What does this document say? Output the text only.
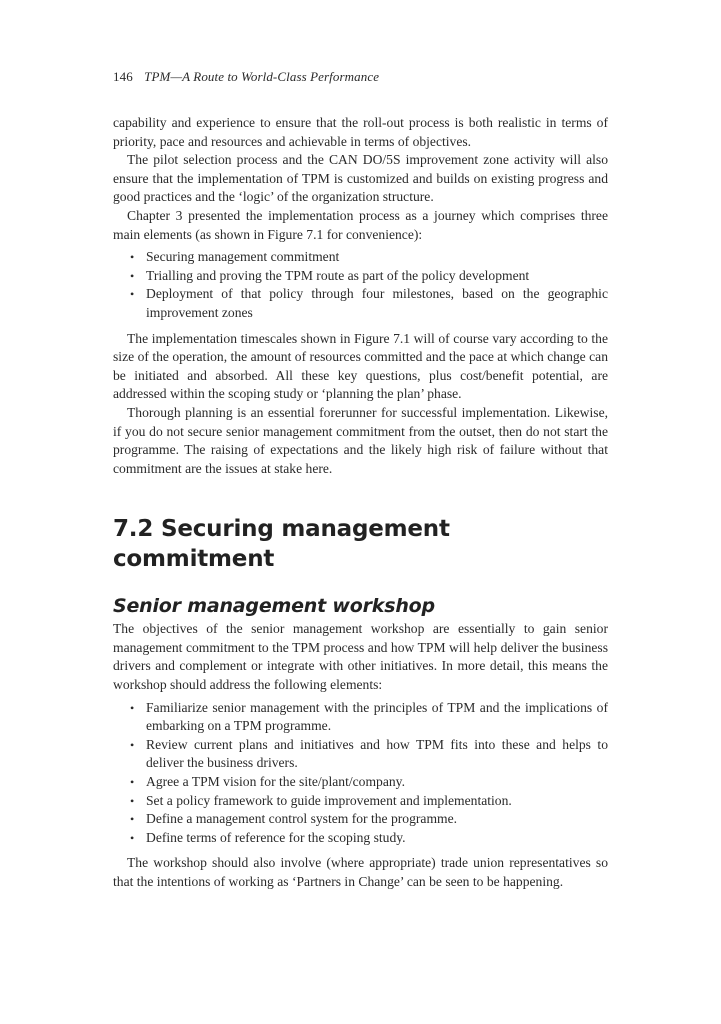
146 TPM—A Route to World-Class Performance

capability and experience to ensure that the roll-out process is both realistic in terms of priority, pace and resources and achievable in terms of objectives.

The pilot selection process and the CAN DO/5S improvement zone activity will also ensure that the implementation of TPM is customized and builds on existing progress and good practices and the ‘logic’ of the organization structure.

Chapter 3 presented the implementation process as a journey which comprises three main elements (as shown in Figure 7.1 for convenience):

• Securing management commitment
• Trialling and proving the TPM route as part of the policy development
• Deployment of that policy through four milestones, based on the geographic improvement zones

The implementation timescales shown in Figure 7.1 will of course vary according to the size of the operation, the amount of resources committed and the pace at which change can be initiated and absorbed. All these key questions, plus cost/benefit potential, are addressed within the scoping study or ‘planning the plan’ phase.

Thorough planning is an essential forerunner for successful implementation. Likewise, if you do not secure senior management commitment from the outset, then do not start the programme. The raising of expectations and the likely high risk of failure without that commitment are the issues at stake here.

7.2 Securing management commitment
Senior management workshop

The objectives of the senior management workshop are essentially to gain senior management commitment to the TPM process and how TPM will help deliver the business drivers and complement or integrate with other initiatives. In more detail, this means the workshop should address the following elements:

• Familiarize senior management with the principles of TPM and the implications of embarking on a TPM programme.
• Review current plans and initiatives and how TPM fits into these and helps to deliver the business drivers.
• Agree a TPM vision for the site/plant/company.
• Set a policy framework to guide improvement and implementation.
• Define a management control system for the programme.
• Define terms of reference for the scoping study.

The workshop should also involve (where appropriate) trade union representatives so that the intentions of working as ‘Partners in Change’ can be seen to be happening.
